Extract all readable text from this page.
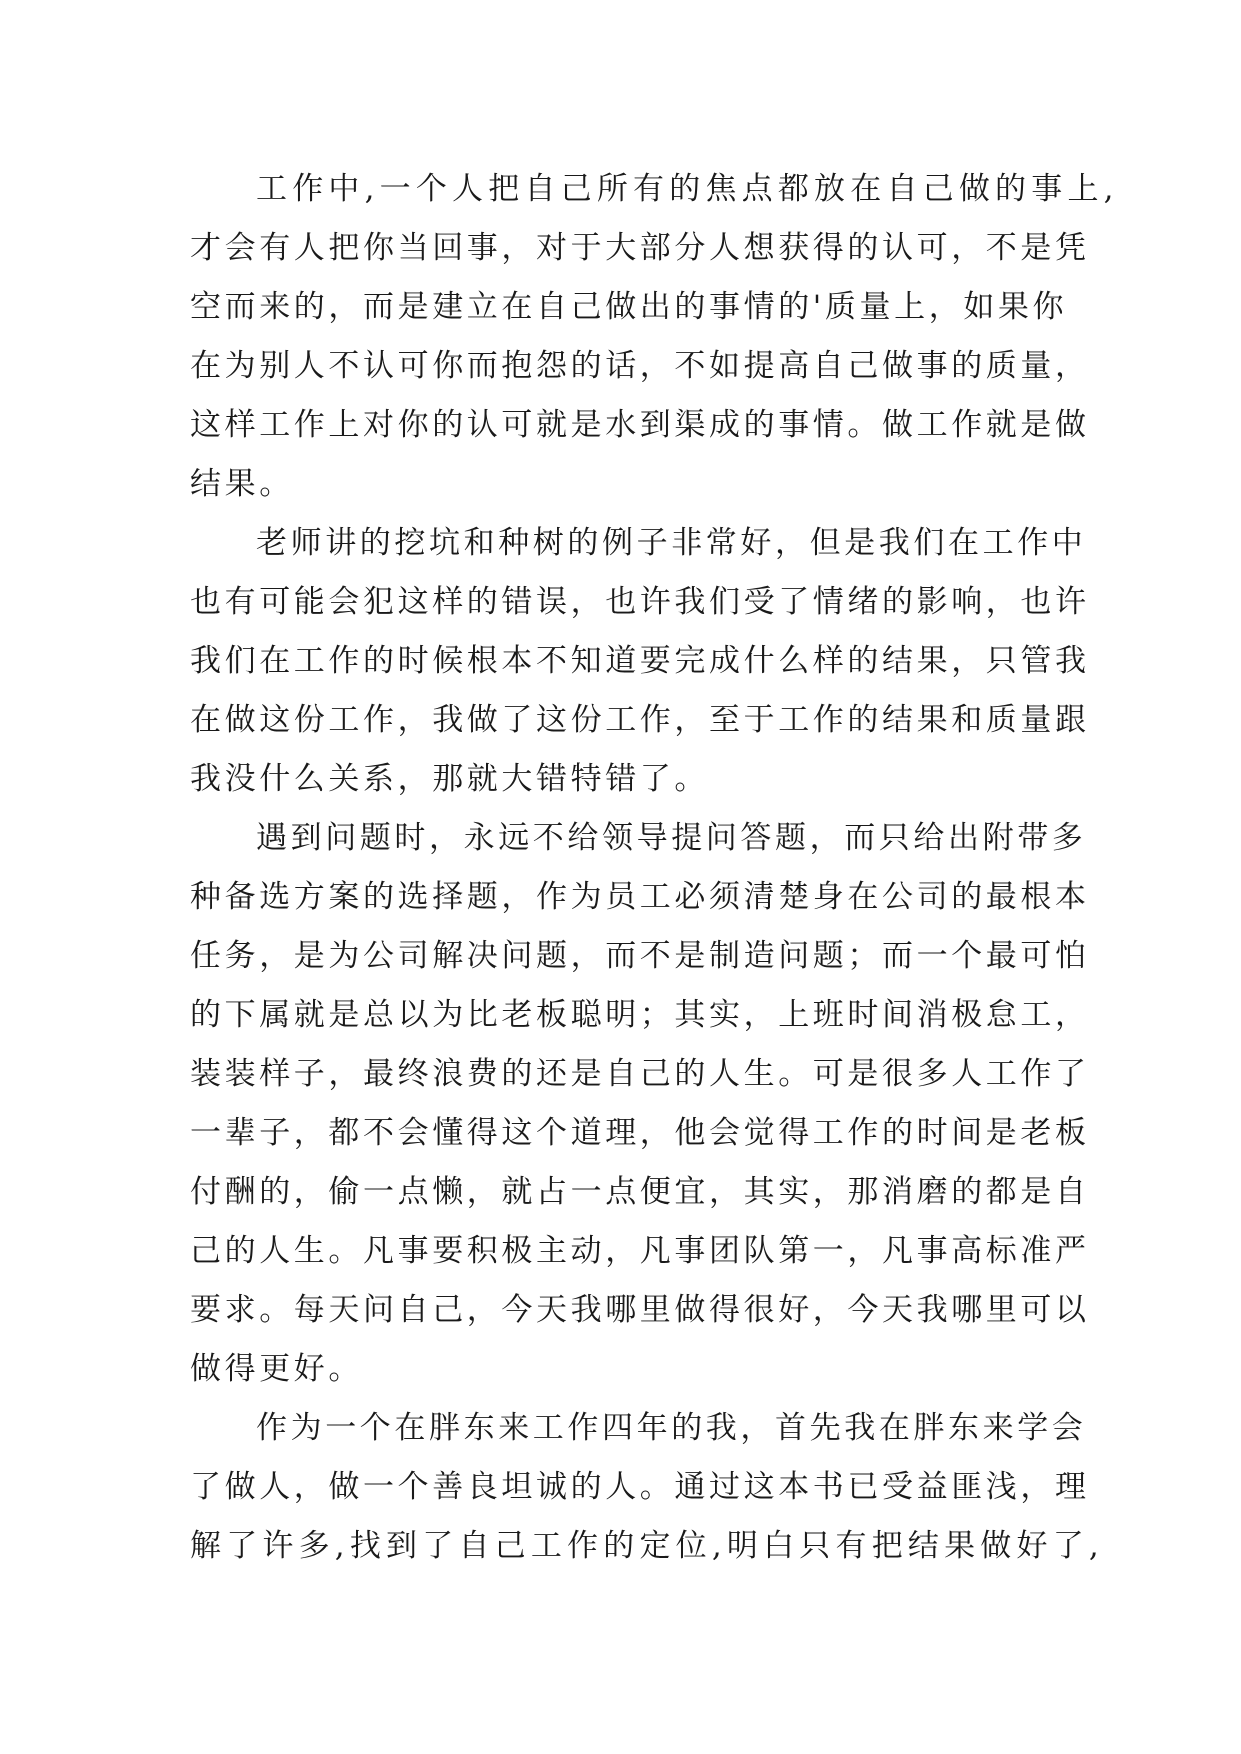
工作中,一个人把自己所有的焦点都放在自己做的事上,
才会有人把你当回事，对于大部分人想获得的认可，不是凭
空而来的，而是建立在自己做出的事情的'质量上，如果你
在为别人不认可你而抱怨的话，不如提高自己做事的质量，
这样工作上对你的认可就是水到渠成的事情。做工作就是做
结果。
老师讲的挖坑和种树的例子非常好，但是我们在工作中
也有可能会犯这样的错误，也许我们受了情绪的影响，也许
我们在工作的时候根本不知道要完成什么样的结果，只管我
在做这份工作，我做了这份工作，至于工作的结果和质量跟
我没什么关系，那就大错特错了。
遇到问题时，永远不给领导提问答题，而只给出附带多
种备选方案的选择题，作为员工必须清楚身在公司的最根本
任务，是为公司解决问题，而不是制造问题；而一个最可怕
的下属就是总以为比老板聪明；其实，上班时间消极怠工，
装装样子，最终浪费的还是自己的人生。可是很多人工作了
一辈子，都不会懂得这个道理，他会觉得工作的时间是老板
付酬的，偷一点懒，就占一点便宜，其实，那消磨的都是自
己的人生。凡事要积极主动，凡事团队第一，凡事高标准严
要求。每天问自己，今天我哪里做得很好，今天我哪里可以
做得更好。
作为一个在胖东来工作四年的我，首先我在胖东来学会
了做人，做一个善良坦诚的人。通过这本书已受益匪浅，理
解了许多,找到了自己工作的定位,明白只有把结果做好了,
